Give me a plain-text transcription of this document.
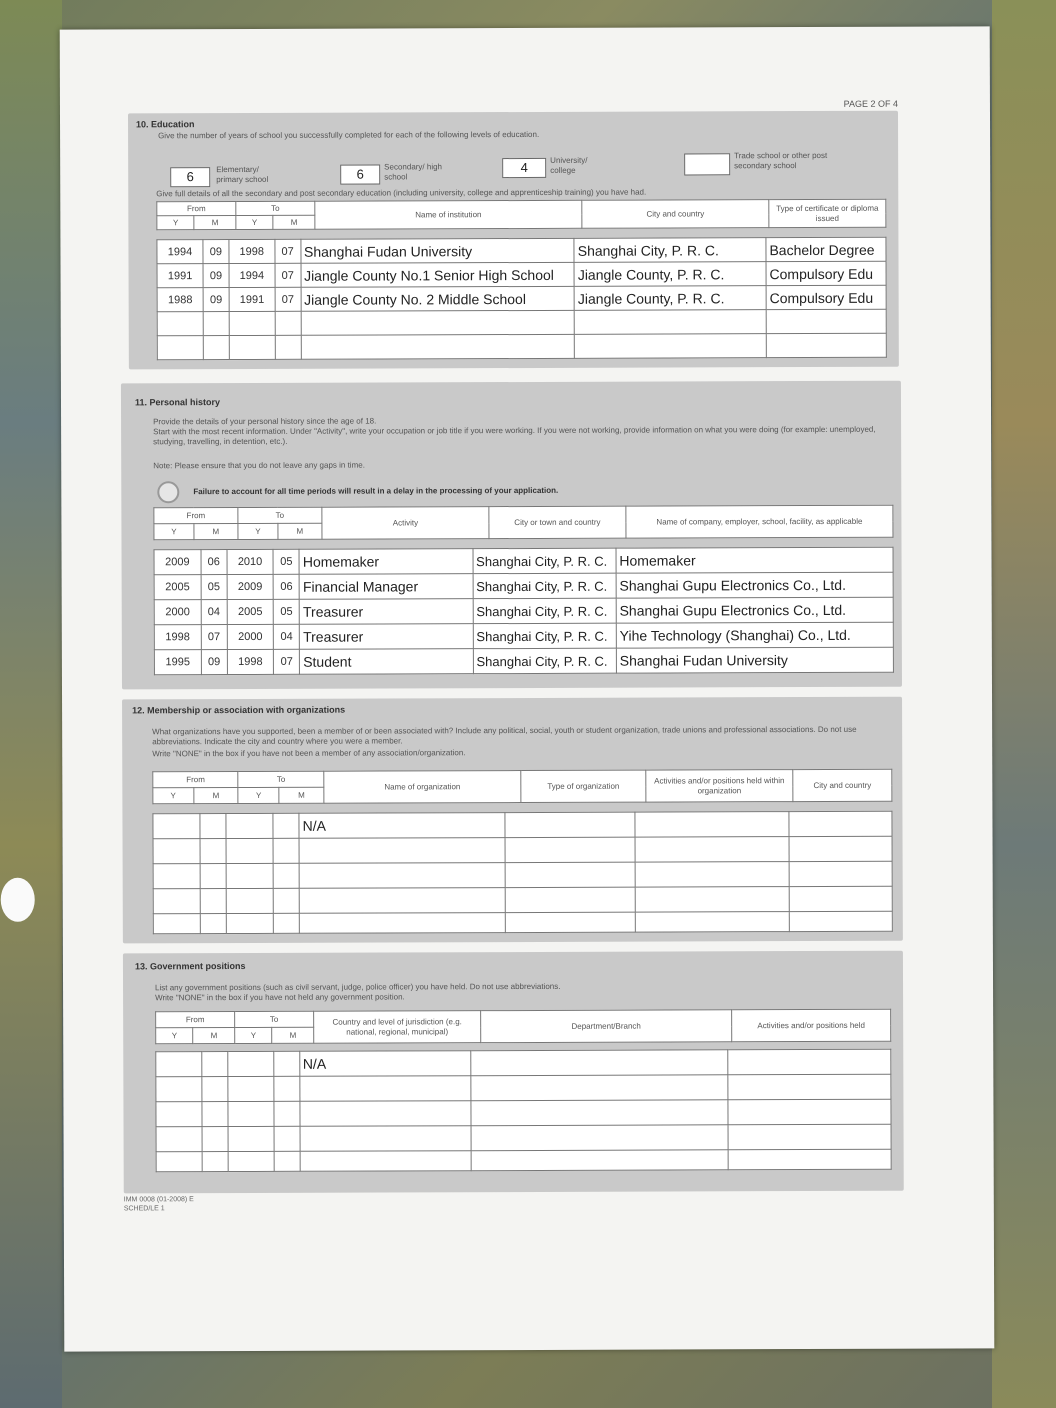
PAGE 2 OF 4
10. Education
Give the number of years of school you successfully completed for each of the following levels of education.
6	Elementary/ primary school	6	Secondary/ high school
4	University/ college
Trade school or other post secondary school
Give full details of all the secondary and post secondary education (including university, college and apprenticeship training) you have had.
From		To		Name of institution	City and country	Type of certificate or diploma issued
Y	M	Y	M			
1994	09	1998	07	Shanghai Fudan University	Shanghai City, P. R. C.	Bachelor Degree
1991	09	1994	07	Jiangle County No.1 Senior High School	Jiangle County, P. R. C.	Compulsory Edu
1988	09	1991	07	Jiangle County No. 2 Middle School	Jiangle County, P. R. C.	Compulsory Edu

11. Personal history
Provide the details of your personal history since the age of 18.
Start with the most recent information. Under "Activity", write your occupation or job title if you were working. If you were not working, provide information on what you were doing (for example: unemployed, studying, travelling, in detention, etc.).
Note: Please ensure that you do not leave any gaps in time.
Failure to account for all time periods will result in a delay in the processing of your application.
From		To		Activity	City or town and country	Name of company, employer, school, facility, as applicable
Y	M	Y	M			
2009	06	2010	05	Homemaker	Shanghai City, P. R. C.	Homemaker
2005	05	2009	06	Financial Manager	Shanghai City, P. R. C.	Shanghai Gupu Electronics Co., Ltd.
2000	04	2005	05	Treasurer	Shanghai City, P. R. C.	Shanghai Gupu Electronics Co., Ltd.
1998	07	2000	04	Treasurer	Shanghai City, P. R. C.	Yihe Technology (Shanghai) Co., Ltd.
1995	09	1998	07	Student	Shanghai City, P. R. C.	Shanghai Fudan University
12. Membership or association with organizations
What organizations have you supported, been a member of or been associated with? Include any political, social, youth or student organization, trade unions and professional associations. Do not use abbreviations. Indicate the city and country where you were a member.
Write "NONE" in the box if you have not been a member of any association/organization.
From		To		Name of organization	Type of organization	Activities and/or positions held within organization	City and country
Y	M	Y	M				
				N/A			

13. Government positions
List any government positions (such as civil servant, judge, police officer) you have held. Do not use abbreviations.
Write "NONE" in the box if you have not held any government position.
From		To		Country and level of jurisdiction (e.g. national, regional, municipal)	Department/Branch	Activities and/or positions held
Y	M	Y	M			
				N/A		

IMM 0008 (01-2008) E
SCHED/LE 1
